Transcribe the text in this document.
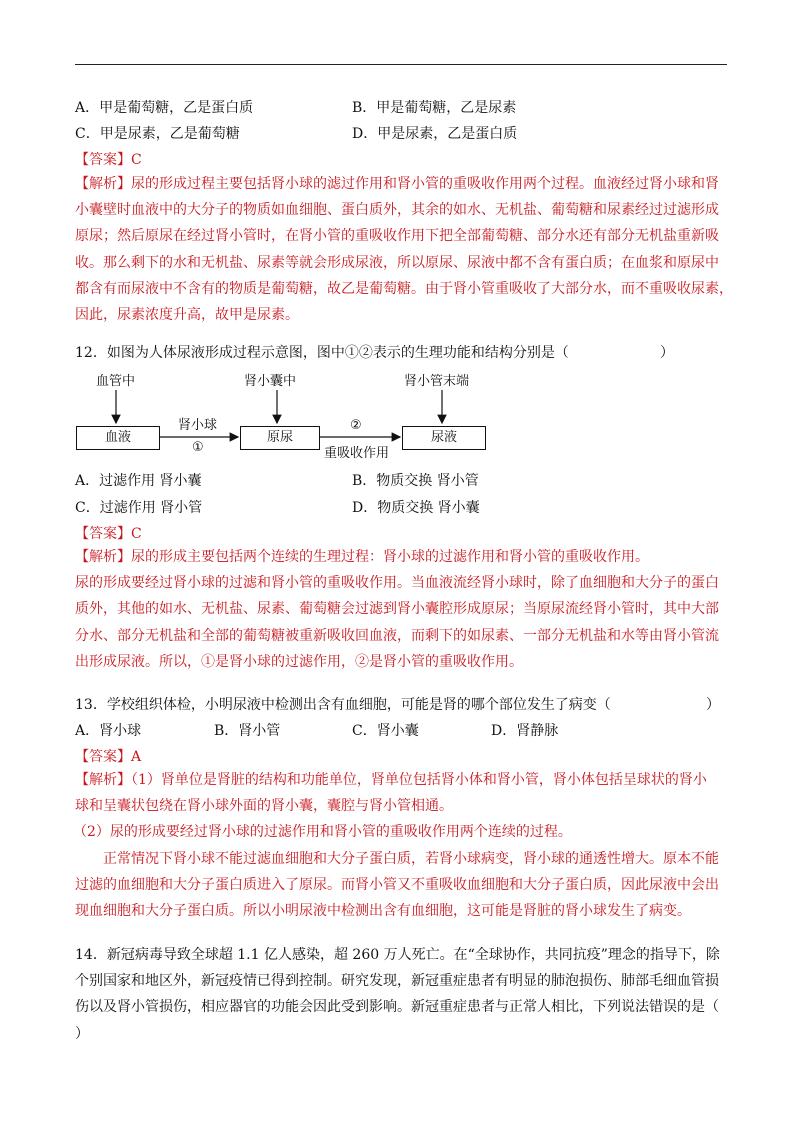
A．甲是葡萄糖，乙是蛋白质	B．甲是葡萄糖，乙是尿素
C．甲是尿素，乙是葡萄糖	D．甲是尿素，乙是蛋白质
【答案】C
【解析】尿的形成过程主要包括肾小球的滤过作用和肾小管的重吸收作用两个过程。血液经过肾小球和肾
小囊壁时血液中的大分子的物质如血细胞、蛋白质外，其余的如水、无机盐、葡萄糖和尿素经过过滤形成
原尿；然后原尿在经过肾小管时，在肾小管的重吸收作用下把全部葡萄糖、部分水还有部分无机盐重新吸
收。那么剩下的水和无机盐、尿素等就会形成尿液，所以原尿、尿液中都不含有蛋白质；在血浆和原尿中
都含有而尿液中不含有的物质是葡萄糖，故乙是葡萄糖。由于肾小管重吸收了大部分水，而不重吸收尿素，
因此，尿素浓度升高，故甲是尿素。
12．如图为人体尿液形成过程示意图，图中①②表示的生理功能和结构分别是（	）
血管中	肾小囊中	肾小管末端
血液	原尿	尿液
肾小球
①
②
重吸收作用
A．过滤作用 肾小囊	B．物质交换 肾小管
C．过滤作用 肾小管	D．物质交换 肾小囊
【答案】C
【解析】尿的形成主要包括两个连续的生理过程：肾小球的过滤作用和肾小管的重吸收作用。
尿的形成要经过肾小球的过滤和肾小管的重吸收作用。当血液流经肾小球时，除了血细胞和大分子的蛋白
质外，其他的如水、无机盐、尿素、葡萄糖会过滤到肾小囊腔形成原尿；当原尿流经肾小管时，其中大部
分水、部分无机盐和全部的葡萄糖被重新吸收回血液，而剩下的如尿素、一部分无机盐和水等由肾小管流
出形成尿液。所以，①是肾小球的过滤作用，②是肾小管的重吸收作用。
13．学校组织体检，小明尿液中检测出含有血细胞，可能是肾的哪个部位发生了病变（	）
A．肾小球	B．肾小管	C．肾小囊	D．肾静脉
【答案】A
【解析】（1）肾单位是肾脏的结构和功能单位，肾单位包括肾小体和肾小管，肾小体包括呈球状的肾小
球和呈囊状包绕在肾小球外面的肾小囊，囊腔与肾小管相通。
（2）尿的形成要经过肾小球的过滤作用和肾小管的重吸收作用两个连续的过程。
正常情况下肾小球不能过滤血细胞和大分子蛋白质，若肾小球病变，肾小球的通透性增大。原本不能
过滤的血细胞和大分子蛋白质进入了原尿。而肾小管又不重吸收血细胞和大分子蛋白质，因此尿液中会出
现血细胞和大分子蛋白质。所以小明尿液中检测出含有血细胞，这可能是肾脏的肾小球发生了病变。
14．新冠病毒导致全球超 1.1 亿人感染，超 260 万人死亡。在“全球协作，共同抗疫”理念的指导下，除
个别国家和地区外，新冠疫情已得到控制。研究发现，新冠重症患者有明显的肺泡损伤、肺部毛细血管损
伤以及肾小管损伤，相应器官的功能会因此受到影响。新冠重症患者与正常人相比，下列说法错误的是（
）
